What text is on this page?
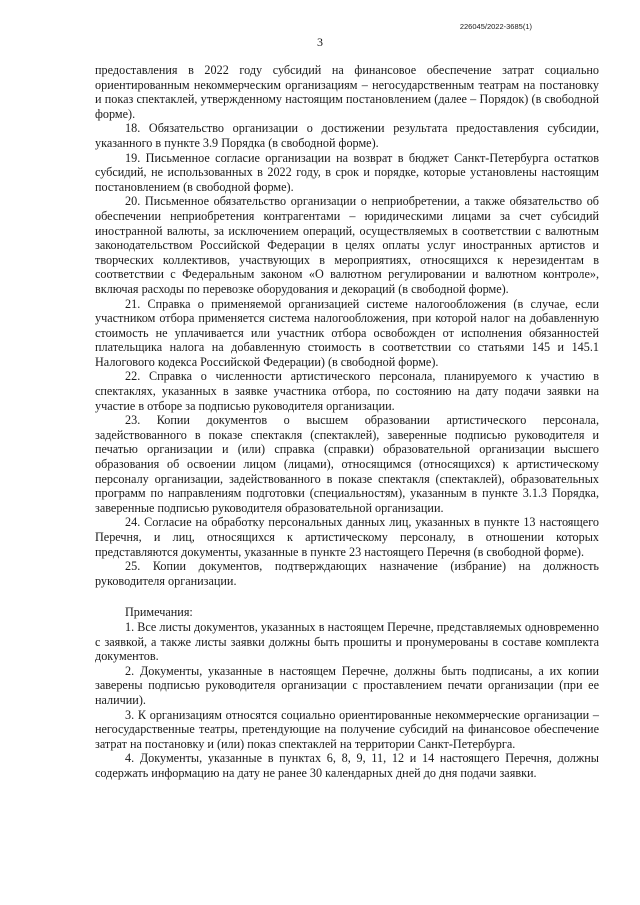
226045/2022-3685(1)
3

предоставления в 2022 году субсидий на финансовое обеспечение затрат социально ориентированным некоммерческим организациям – негосударственным театрам на постановку и показ спектаклей, утвержденному настоящим постановлением (далее – Порядок) (в свободной форме).

18. Обязательство организации о достижении результата предоставления субсидии, указанного в пункте 3.9 Порядка (в свободной форме).

19. Письменное согласие организации на возврат в бюджет Санкт-Петербурга остатков субсидий, не использованных в 2022 году, в срок и порядке, которые установлены настоящим постановлением (в свободной форме).

20. Письменное обязательство организации о неприобретении, а также обязательство об обеспечении неприобретения контрагентами – юридическими лицами за счет субсидий иностранной валюты, за исключением операций, осуществляемых в соответствии с валютным законодательством Российской Федерации в целях оплаты услуг иностранных артистов и творческих коллективов, участвующих в мероприятиях, относящихся к нерезидентам в соответствии с Федеральным законом «О валютном регулировании и валютном контроле», включая расходы по перевозке оборудования и декораций (в свободной форме).

21. Справка о применяемой организацией системе налогообложения (в случае, если участником отбора применяется система налогообложения, при которой налог на добавленную стоимость не уплачивается или участник отбора освобожден от исполнения обязанностей плательщика налога на добавленную стоимость в соответствии со статьями 145 и 145.1 Налогового кодекса Российской Федерации) (в свободной форме).

22. Справка о численности артистического персонала, планируемого к участию в спектаклях, указанных в заявке участника отбора, по состоянию на дату подачи заявки на участие в отборе за подписью руководителя организации.

23. Копии документов о высшем образовании артистического персонала, задействованного в показе спектакля (спектаклей), заверенные подписью руководителя и печатью организации и (или) справка (справки) образовательной организации высшего образования об освоении лицом (лицами), относящимся (относящихся) к артистическому персоналу организации, задействованного в показе спектакля (спектаклей), образовательных программ по направлениям подготовки (специальностям), указанным в пункте 3.1.3 Порядка, заверенные подписью руководителя образовательной организации.

24. Согласие на обработку персональных данных лиц, указанных в пункте 13 настоящего Перечня, и лиц, относящихся к артистическому персоналу, в отношении которых представляются документы, указанные в пункте 23 настоящего Перечня (в свободной форме).

25. Копии документов, подтверждающих назначение (избрание) на должность руководителя организации.

Примечания:

1. Все листы документов, указанных в настоящем Перечне, представляемых одновременно с заявкой, а также листы заявки должны быть прошиты и пронумерованы в составе комплекта документов.

2. Документы, указанные в настоящем Перечне, должны быть подписаны, а их копии заверены подписью руководителя организации с проставлением печати организации (при ее наличии).

3. К организациям относятся социально ориентированные некоммерческие организации – негосударственные театры, претендующие на получение субсидий на финансовое обеспечение затрат на постановку и (или) показ спектаклей на территории Санкт-Петербурга.

4. Документы, указанные в пунктах 6, 8, 9, 11, 12 и 14 настоящего Перечня, должны содержать информацию на дату не ранее 30 календарных дней до дня подачи заявки.
